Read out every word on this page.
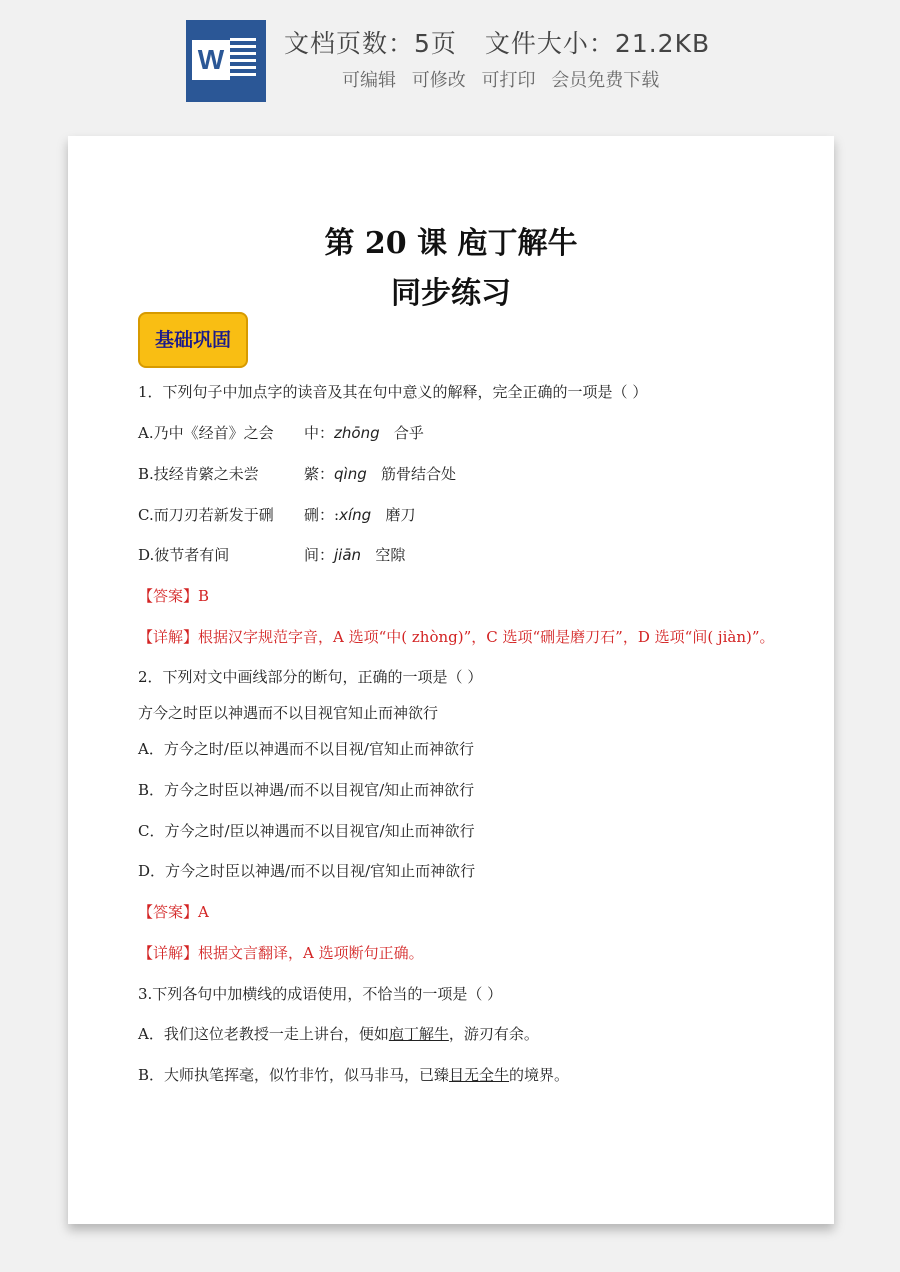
W
文档页数：5页 文件大小：21.2KB
可编辑 可修改 可打印 会员免费下载
第 20 课 庖丁解牛
同步练习
基础巩固
1．下列句子中加点字的读音及其在句中意义的解释，完全正确的一项是（ ）
A.乃中《经首》之会 中：zhōng 合乎
B.技经肯綮之未尝	綮：qìng 筋骨结合处
C.而刀刃若新发于硎 硎：:xíng 磨刀
D.彼节者有间	间：jiān 空隙
【答案】B
【详解】根据汉字规范字音，A 选项“中( zhòng)”，C 选项“硎是磨刀石”，D 选项“间( jiàn)”。
2．下列对文中画线部分的断句，正确的一项是（ ）
方今之时臣以神遇而不以目视官知止而神欲行
A．方今之时/臣以神遇而不以目视/官知止而神欲行
B．方今之时臣以神遇/而不以目视官/知止而神欲行
C．方今之时/臣以神遇而不以目视官/知止而神欲行
D．方今之时臣以神遇/而不以目视/官知止而神欲行
【答案】A
【详解】根据文言翻译，A 选项断句正确。
3.下列各句中加横线的成语使用，不恰当的一项是（ ）
A．我们这位老教授一走上讲台，便如庖丁解牛，游刃有余。
B．大师执笔挥毫，似竹非竹，似马非马，已臻目无全牛的境界。
